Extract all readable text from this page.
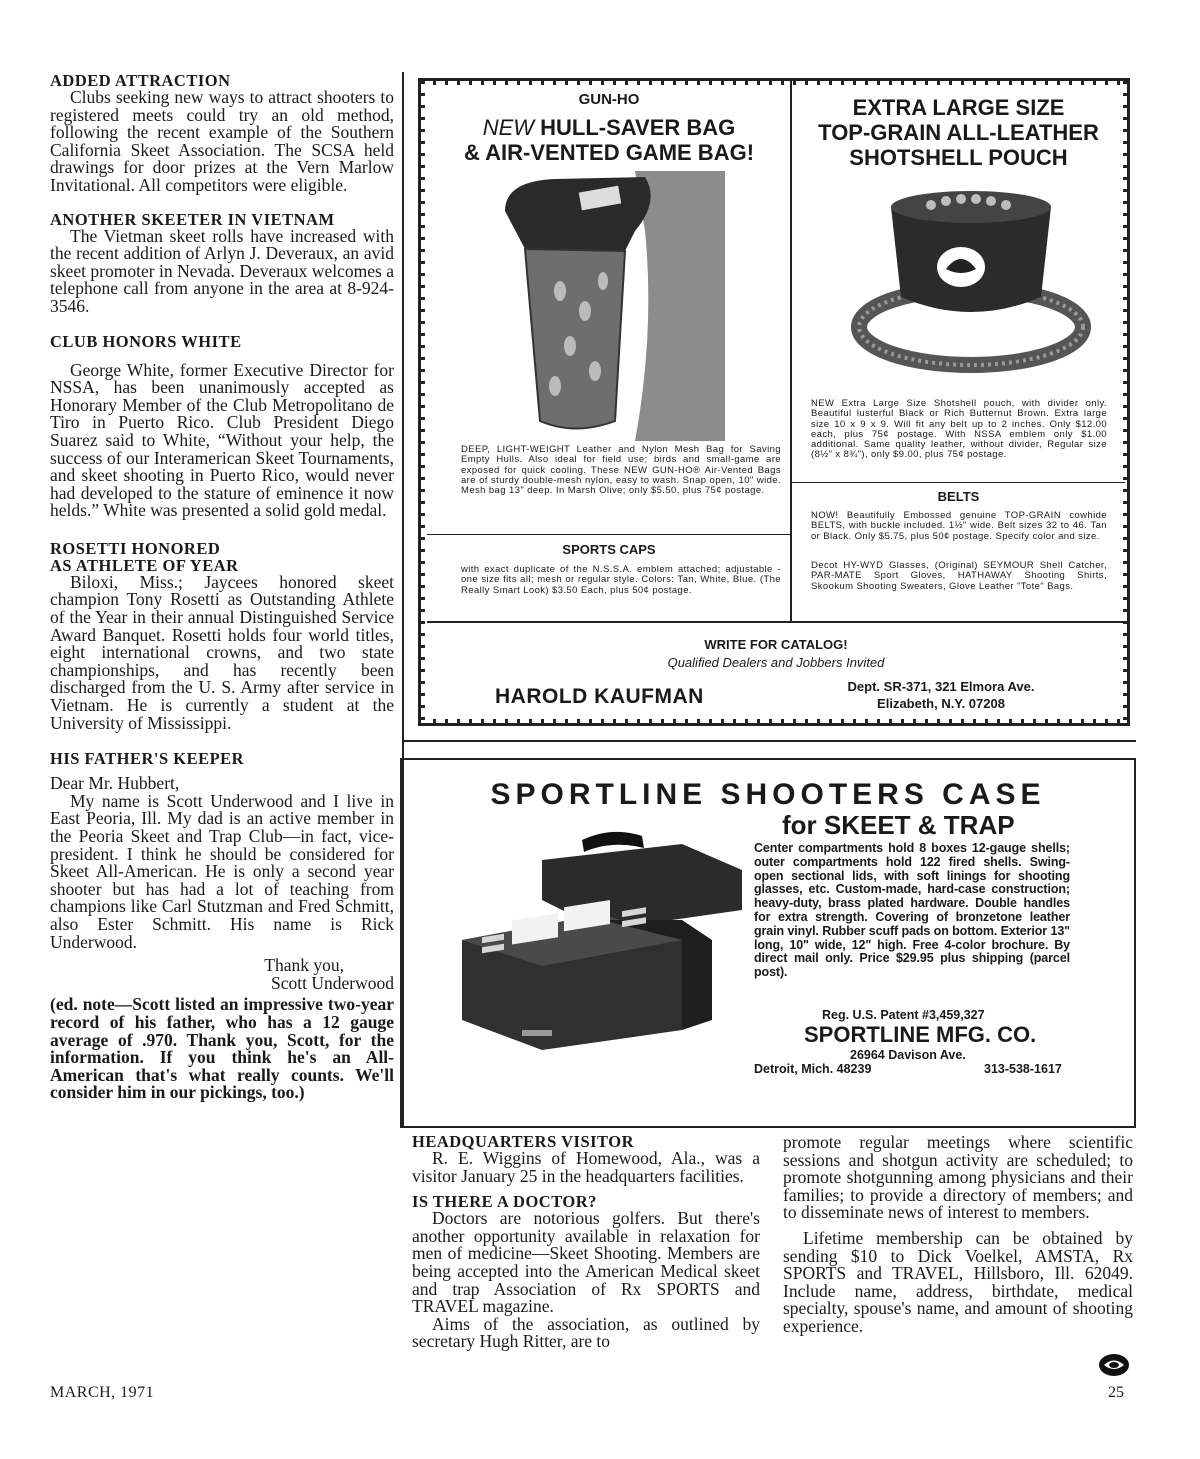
ADDED ATTRACTION

Clubs seeking new ways to attract shooters to registered meets could try an old method, following the recent example of the Southern California Skeet Association. The SCSA held drawings for door prizes at the Vern Marlow Invitational. All competitors were eligible.

ANOTHER SKEETER IN VIETNAM

The Vietman skeet rolls have increased with the recent addition of Arlyn J. Deveraux, an avid skeet promoter in Nevada. Deveraux welcomes a telephone call from anyone in the area at 8-924-3546.

CLUB HONORS WHITE

George White, former Executive Director for NSSA, has been unanimously accepted as Honorary Member of the Club Metropolitano de Tiro in Puerto Rico. Club President Diego Suarez said to White, “Without your help, the success of our Interamerican Skeet Tournaments, and skeet shooting in Puerto Rico, would never had developed to the stature of eminence it now helds.” White was presented a solid gold medal.

ROSETTI HONORED
AS ATHLETE OF YEAR

Biloxi, Miss.; Jaycees honored skeet champion Tony Rosetti as Outstanding Athlete of the Year in their annual Distinguished Service Award Banquet. Rosetti holds four world titles, eight international crowns, and two state championships, and has recently been discharged from the U. S. Army after service in Vietnam. He is currently a student at the University of Mississippi.

HIS FATHER'S KEEPER

Dear Mr. Hubbert,

My name is Scott Underwood and I live in East Peoria, Ill. My dad is an active member in the Peoria Skeet and Trap Club—in fact, vice-president. I think he should be considered for Skeet All-American. He is only a second year shooter but has had a lot of teaching from champions like Carl Stutzman and Fred Schmitt, also Ester Schmitt. His name is Rick Underwood.

Thank you,

Scott Underwood

(ed. note—Scott listed an impressive two-year record of his father, who has a 12 gauge average of .970. Thank you, Scott, for the information. If you think he's an All-American that's what really counts. We'll consider him in our pickings, too.)

MARCH, 1971	25
GUN-HO
NEW HULL-SAVER BAG
& AIR-VENTED GAME BAG!
DEEP, LIGHT-WEIGHT Leather and Nylon Mesh Bag for Saving Empty Hulls. Also ideal for field use; birds and small-game are exposed for quick cooling. These NEW GUN-HO® Air-Vented Bags are of sturdy double-mesh nylon, easy to wash. Snap open, 10" wide. Mesh bag 13" deep. In Marsh Olive; only $5.50, plus 75¢ postage.
EXTRA LARGE SIZE
TOP-GRAIN ALL-LEATHER
SHOTSHELL POUCH
NEW Extra Large Size Shotshell pouch, with divider only. Beautiful lusterful Black or Rich Butternut Brown. Extra large size 10 x 9 x 9. Will fit any belt up to 2 inches. Only $12.00 each, plus 75¢ postage. With NSSA emblem only $1.00 additional. Same quality leather, without divider, Regular size (8½" x 8¾"), only $9.00, plus 75¢ postage.
BELTS
NOW! Beautifully Embossed genuine TOP-GRAIN cowhide BELTS, with buckle included. 1½" wide. Belt sizes 32 to 46. Tan or Black. Only $5.75, plus 50¢ postage. Specify color and size.
Decot HY-WYD Glasses, (Original) SEYMOUR Shell Catcher, PAR-MATE Sport Gloves, HATHAWAY Shooting Shirts, Skookum Shooting Sweaters, Glove Leather "Tote" Bags.
SPORTS CAPS
with exact duplicate of the N.S.S.A. emblem attached; adjustable - one size fits all; mesh or regular style. Colors: Tan, White, Blue. (The Really Smart Look) $3.50 Each, plus 50¢ postage.
WRITE FOR CATALOG!
Qualified Dealers and Jobbers Invited
HAROLD KAUFMAN	Dept. SR-371, 321 Elmora Ave.
Elizabeth, N.Y. 07208
SPORTLINE SHOOTERS CASE
for SKEET & TRAP
Center compartments hold 8 boxes 12-gauge shells; outer compartments hold 122 fired shells. Swing-open sectional lids, with soft linings for shooting glasses, etc. Custom-made, hard-case construction; heavy-duty, brass plated hardware. Double handles for extra strength. Covering of bronzetone leather grain vinyl. Rubber scuff pads on bottom. Exterior 13" long, 10" wide, 12" high. Free 4-color brochure. By direct mail only. Price $29.95 plus shipping (parcel post).
Reg. U.S. Patent #3,459,327
SPORTLINE MFG. CO.
26964 Davison Ave.
Detroit, Mich. 48239	313-538-1617
HEADQUARTERS VISITOR

R. E. Wiggins of Homewood, Ala., was a visitor January 25 in the headquarters facilities.

IS THERE A DOCTOR?

Doctors are notorious golfers. But there's another opportunity available in relaxation for men of medicine—Skeet Shooting. Members are being accepted into the American Medical skeet and trap Association of Rx SPORTS and TRAVEL magazine.

Aims of the association, as outlined by secretary Hugh Ritter, are to

promote regular meetings where scientific sessions and shotgun activity are scheduled; to promote shotgunning among physicians and their families; to provide a directory of members; and to disseminate news of interest to members.

Lifetime membership can be obtained by sending $10 to Dick Voelkel, AMSTA, Rx SPORTS and TRAVEL, Hillsboro, Ill. 62049. Include name, address, birthdate, medical specialty, spouse's name, and amount of shooting experience.
